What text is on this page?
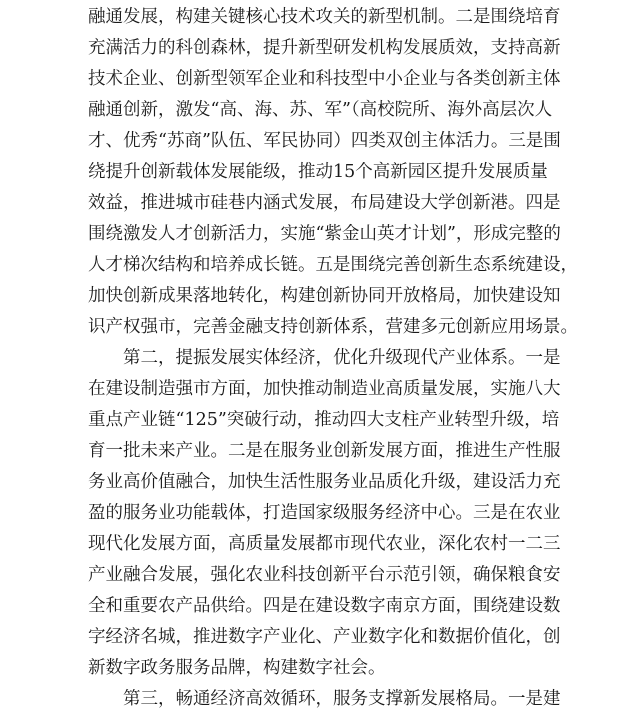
融通发展，构建关键核心技术攻关的新型机制。二是围绕培育
充满活力的科创森林，提升新型研发机构发展质效，支持高新
技术企业、创新型领军企业和科技型中小企业与各类创新主体
融通创新，激发“高、海、苏、军”（高校院所、海外高层次人
才、优秀“苏商”队伍、军民协同）四类双创主体活力。三是围
绕提升创新载体发展能级，推动15个高新园区提升发展质量
效益，推进城市硅巷内涵式发展，布局建设大学创新港。四是
围绕激发人才创新活力，实施“紫金山英才计划”，形成完整的
人才梯次结构和培养成长链。五是围绕完善创新生态系统建设，
加快创新成果落地转化，构建创新协同开放格局，加快建设知
识产权强市，完善金融支持创新体系，营建多元创新应用场景。
第二，提振发展实体经济，优化升级现代产业体系。一是
在建设制造强市方面，加快推动制造业高质量发展，实施八大
重点产业链“125”突破行动，推动四大支柱产业转型升级，培
育一批未来产业。二是在服务业创新发展方面，推进生产性服
务业高价值融合，加快生活性服务业品质化升级，建设活力充
盈的服务业功能载体，打造国家级服务经济中心。三是在农业
现代化发展方面，高质量发展都市现代农业，深化农村一二三
产业融合发展，强化农业科技创新平台示范引领，确保粮食安
全和重要农产品供给。四是在建设数字南京方面，围绕建设数
字经济名城，推进数字产业化、产业数字化和数据价值化，创
新数字政务服务品牌，构建数字社会。
第三，畅通经济高效循环，服务支撑新发展格局。一是建
